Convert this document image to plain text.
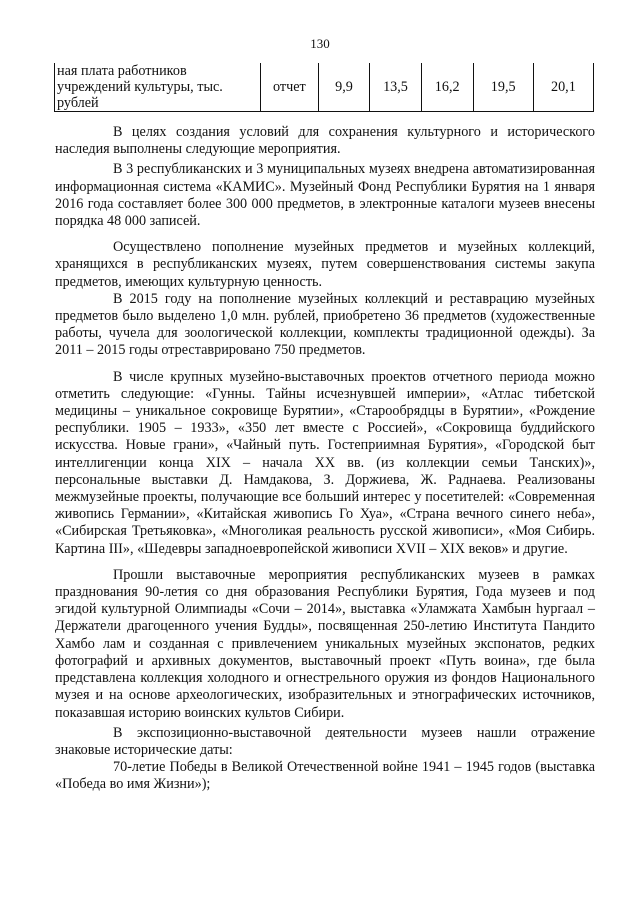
130
ная плата работников
учреждений культуры, тыс.
рублей	отчет	9,9	13,5	16,2	19,5	20,1

В целях создания условий для сохранения культурного и исторического наследия выполнены следующие мероприятия.

В 3 республиканских и 3 муниципальных музеях внедрена автоматизированная информационная система «КАМИС». Музейный Фонд Республики Бурятия на 1 января 2016 года составляет более 300 000 предметов, в электронные каталоги музеев внесены порядка 48 000 записей.

Осуществлено пополнение музейных предметов и музейных коллекций, хранящихся в республиканских музеях, путем совершенствования системы закупа предметов, имеющих культурную ценность.

В 2015 году на пополнение музейных коллекций и реставрацию музейных предметов было выделено 1,0 млн. рублей, приобретено 36 предметов (художественные работы, чучела для зоологической коллекции, комплекты традиционной одежды). За 2011 – 2015 годы отреставрировано 750 предметов.

В числе крупных музейно-выставочных проектов отчетного периода можно отметить следующие: «Гунны. Тайны исчезнувшей империи», «Атлас тибетской медицины – уникальное сокровище Бурятии», «Старообрядцы в Бурятии», «Рождение республики. 1905 – 1933», «350 лет вместе с Россией», «Сокровища буддийского искусства. Новые грани», «Чайный путь. Гостеприимная Бурятия», «Городской быт интеллигенции конца XIX – начала XX вв. (из коллекции семьи Танских)», персональные выставки Д. Намдакова, З. Доржиева, Ж. Раднаева. Реализованы межмузейные проекты, получающие все больший интерес у посетителей: «Современная живопись Германии», «Китайская живопись Го Хуа», «Страна вечного синего неба», «Сибирская Третьяковка», «Многоликая реальность русской живописи», «Моя Сибирь. Картина III», «Шедевры западноевропейской живописи XVII – XIX веков» и другие.

Прошли выставочные мероприятия республиканских музеев в рамках празднования 90-летия со дня образования Республики Бурятия, Года музеев и под эгидой культурной Олимпиады «Сочи – 2014», выставка «Уламжата Хамбын hургаал – Держатели драгоценного учения Будды», посвященная 250-летию Института Пандито Хамбо лам и созданная с привлечением уникальных музейных экспонатов, редких фотографий и архивных документов, выставочный проект «Путь воина», где была представлена коллекция холодного и огнестрельного оружия из фондов Национального музея и на основе археологических, изобразительных и этнографических источников, показавшая историю воинских культов Сибири.

В экспозиционно-выставочной деятельности музеев нашли отражение знаковые исторические даты:

70-летие Победы в Великой Отечественной войне 1941 – 1945 годов (выставка «Победа во имя Жизни»);
